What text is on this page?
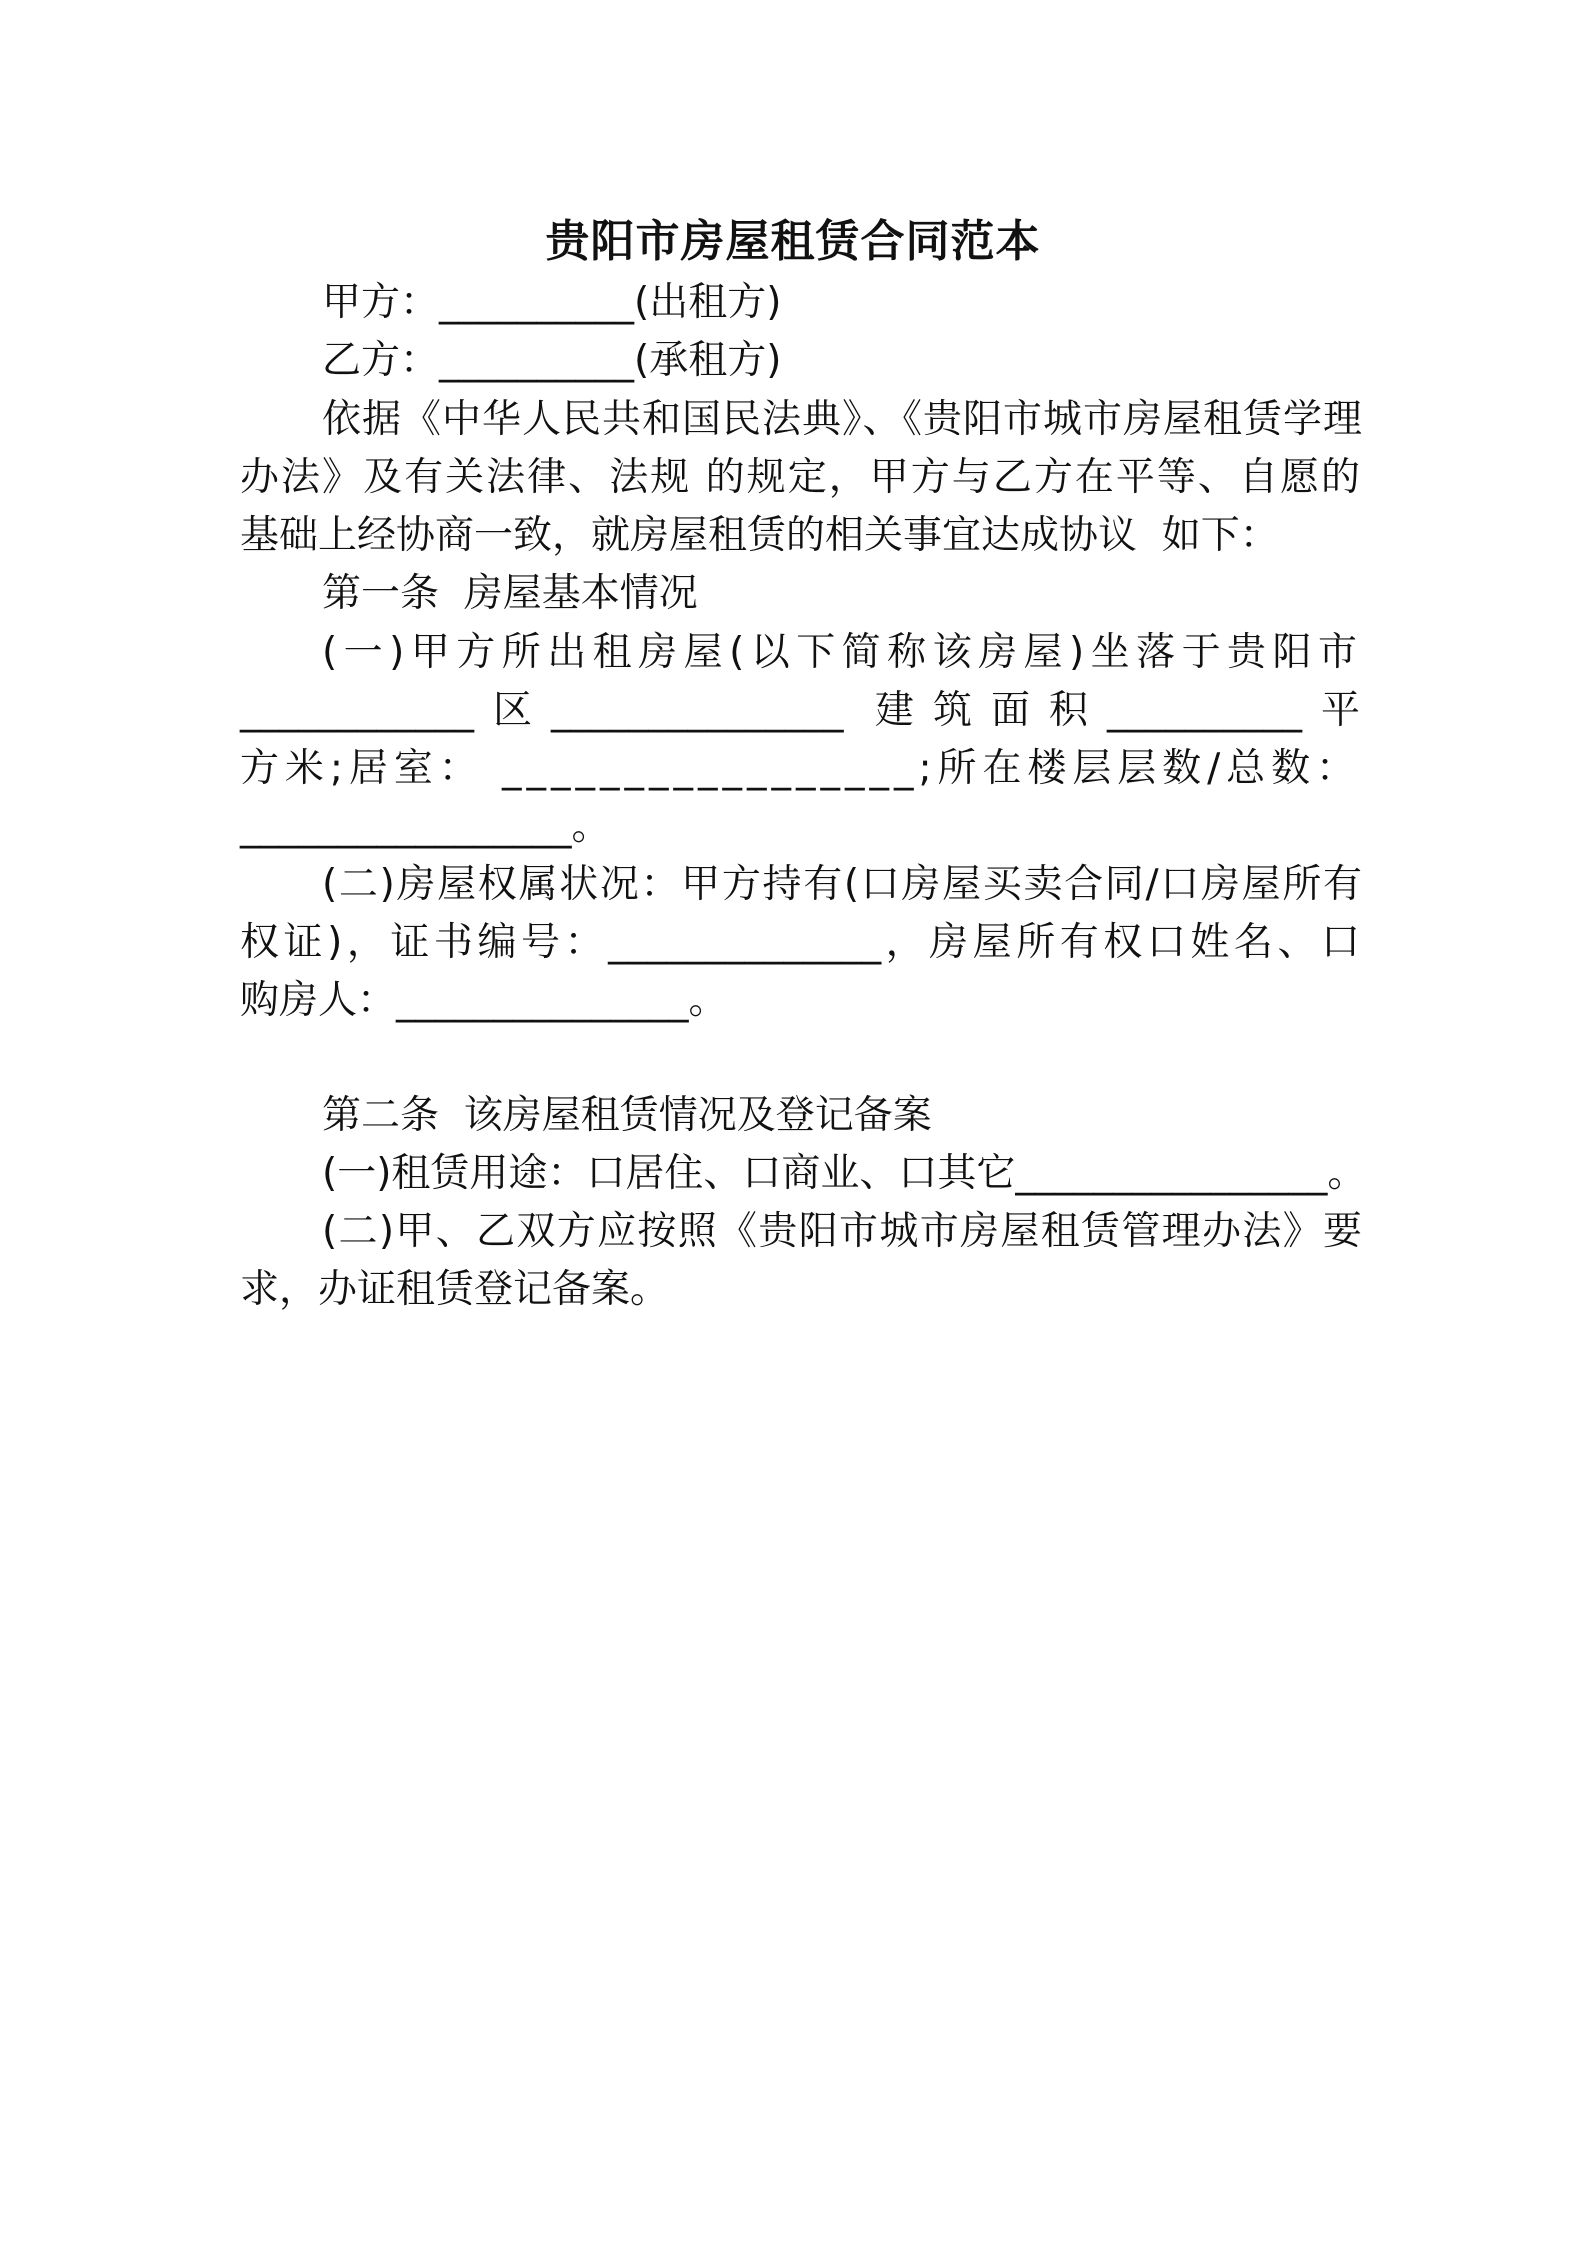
贵阳市房屋租赁合同范本
甲方：__________(出租方)
乙方：__________(承租方)
依据《中华人民共和国民法典》、《贵阳市城市房屋租赁学理
办法》及有关法律、法规 的规定，甲方与乙方在平等、自愿的
基础上经协商一致，就房屋租赁的相关事宜达成协议  如下：
第一条  房屋基本情况
(一)甲方所出租房屋(以下简称该房屋)坐落于贵阳市
____________区_______________ 建筑面积__________平
方米;居室： _________________;所在楼层层数/总数：
_________________。
(二)房屋权属状况：甲方持有(口房屋买卖合同/口房屋所有
权证)，证书编号：______________，房屋所有权口姓名、口
购房人：_______________。
第二条  该房屋租赁情况及登记备案
(一)租赁用途：口居住、口商业、口其它________________。
(二)甲、乙双方应按照《贵阳市城市房屋租赁管理办法》要
求，办证租赁登记备案。
